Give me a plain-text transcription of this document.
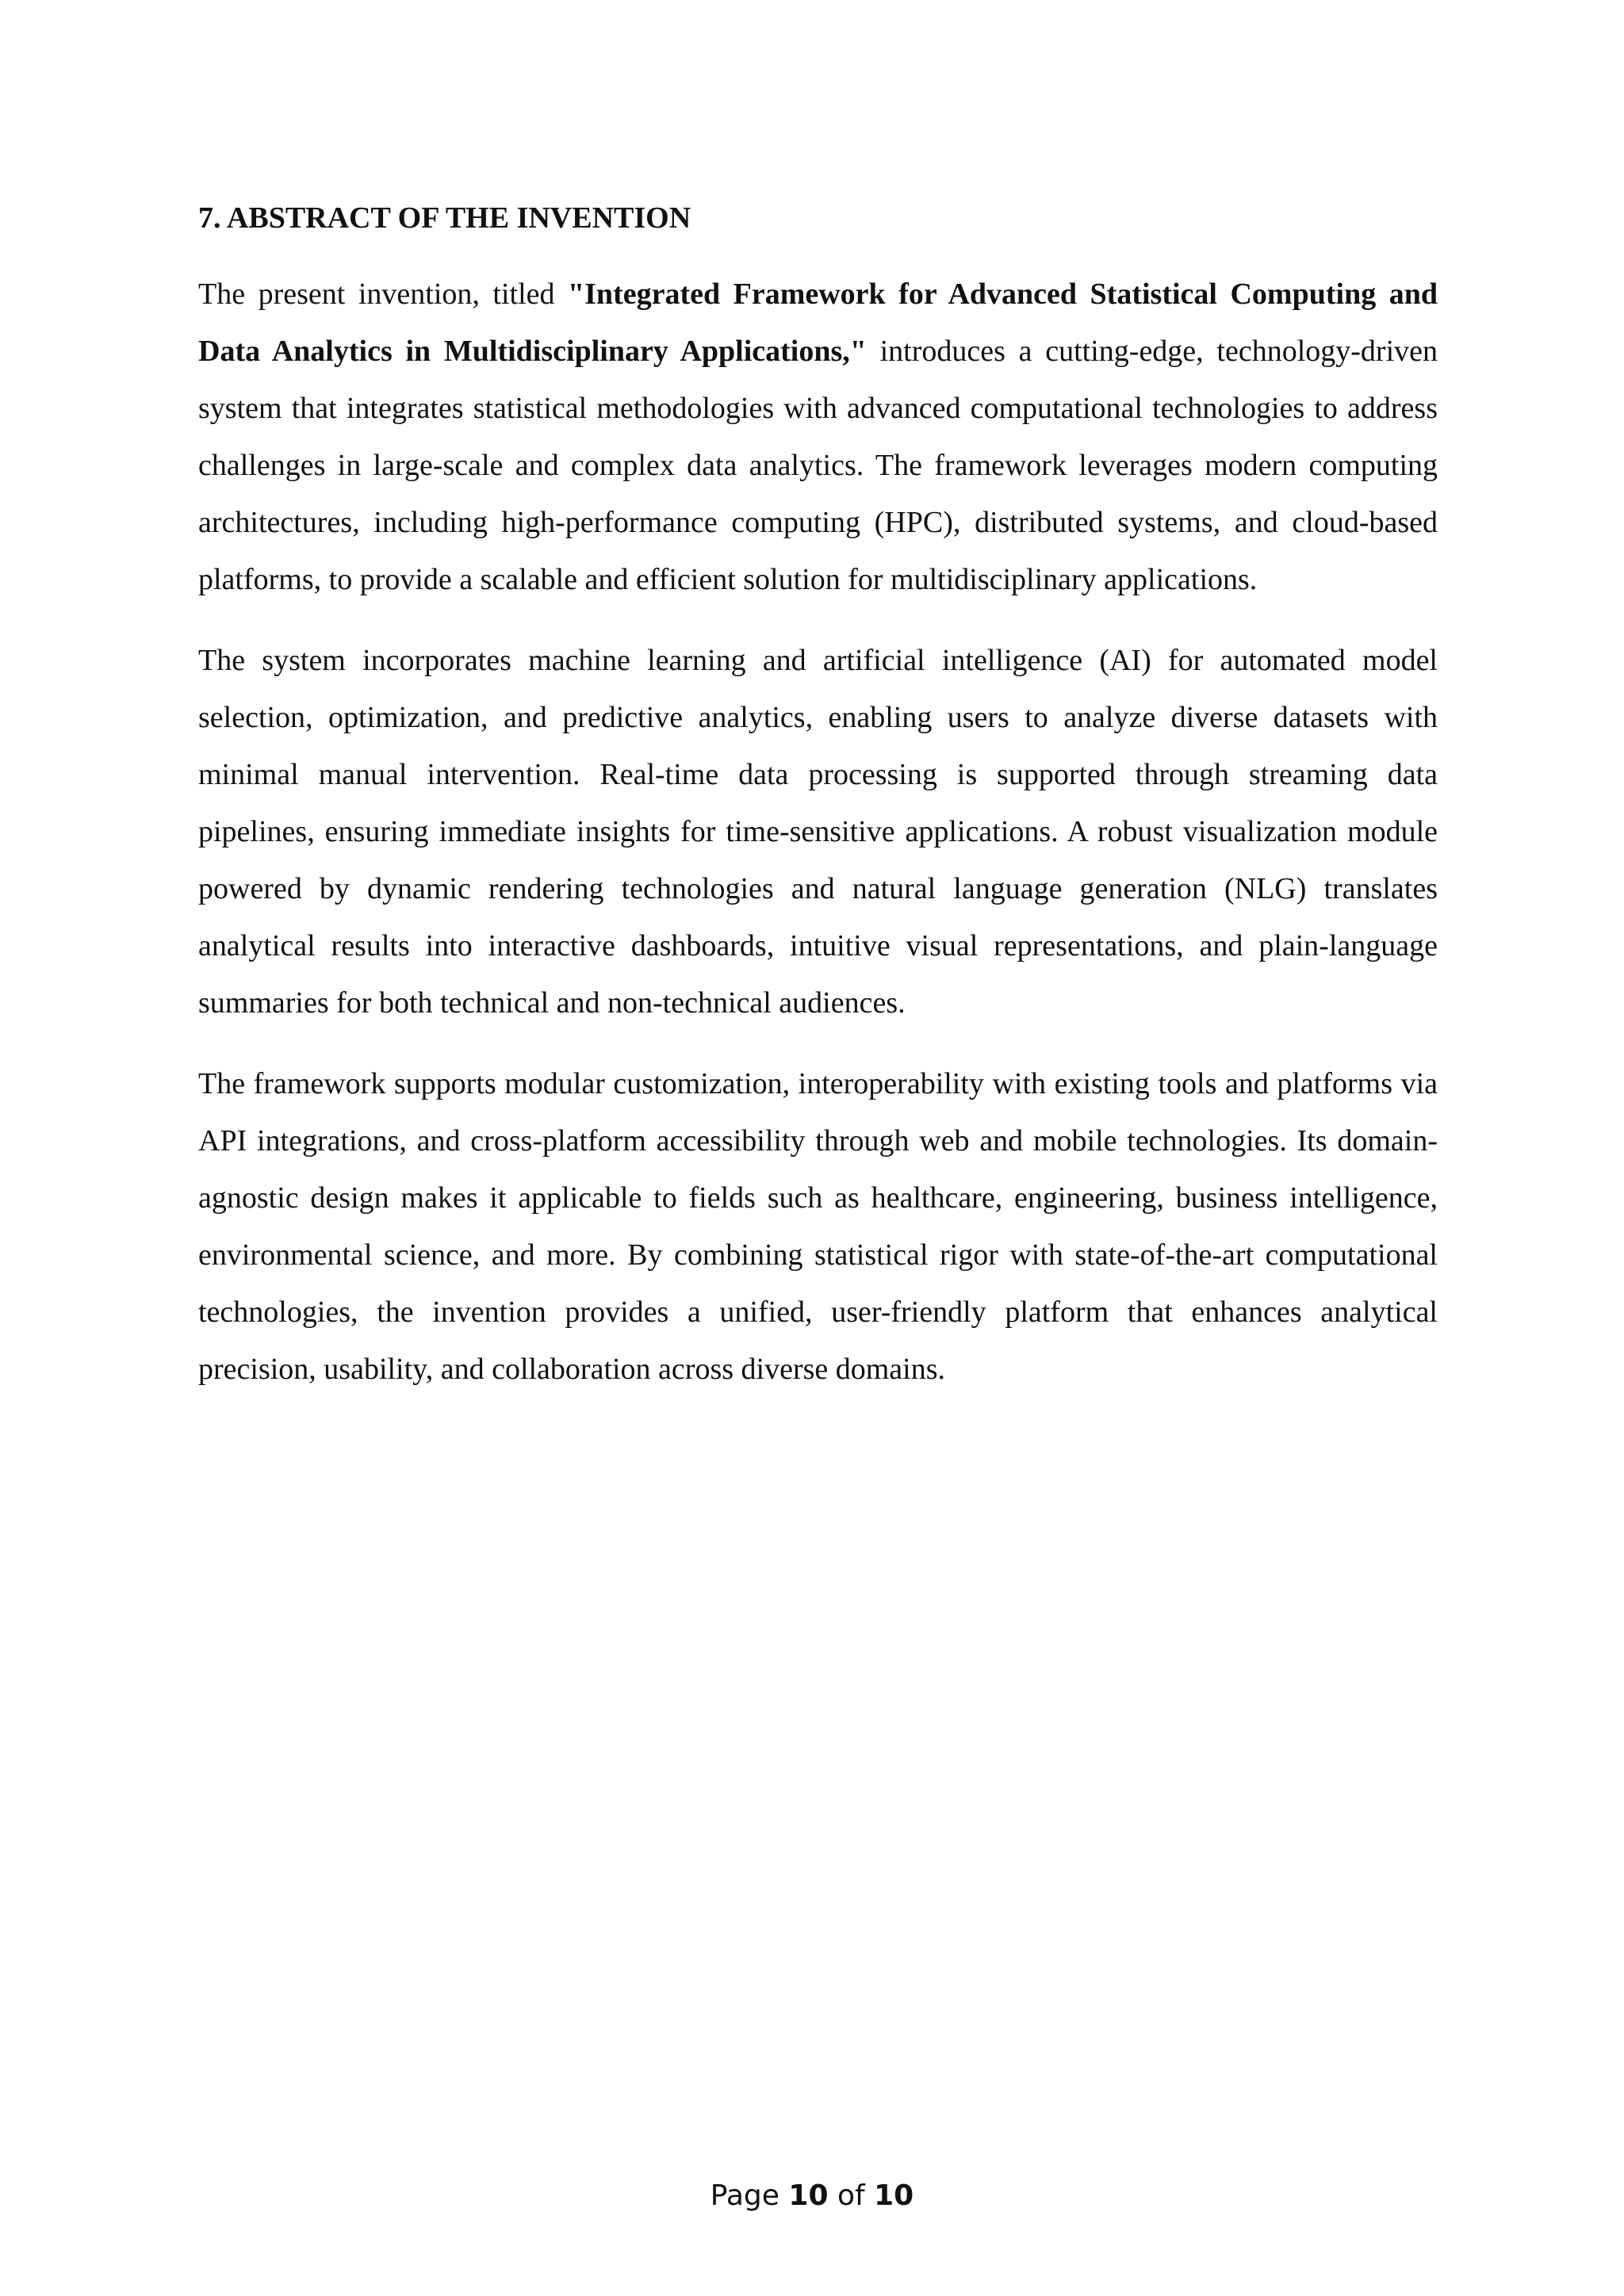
7. ABSTRACT OF THE INVENTION

The present invention, titled "Integrated Framework for Advanced Statistical Computing and Data Analytics in Multidisciplinary Applications," introduces a cutting-edge, technology-driven system that integrates statistical methodologies with advanced computational technologies to address challenges in large-scale and complex data analytics. The framework leverages modern computing architectures, including high-performance computing (HPC), distributed systems, and cloud-based platforms, to provide a scalable and efficient solution for multidisciplinary applications.

The system incorporates machine learning and artificial intelligence (AI) for automated model selection, optimization, and predictive analytics, enabling users to analyze diverse datasets with minimal manual intervention. Real-time data processing is supported through streaming data pipelines, ensuring immediate insights for time-sensitive applications. A robust visualization module powered by dynamic rendering technologies and natural language generation (NLG) translates analytical results into interactive dashboards, intuitive visual representations, and plain-language summaries for both technical and non-technical audiences.

The framework supports modular customization, interoperability with existing tools and platforms via API integrations, and cross-platform accessibility through web and mobile technologies. Its domain-agnostic design makes it applicable to fields such as healthcare, engineering, business intelligence, environmental science, and more. By combining statistical rigor with state-of-the-art computational technologies, the invention provides a unified, user-friendly platform that enhances analytical precision, usability, and collaboration across diverse domains.

Page 10 of 10
